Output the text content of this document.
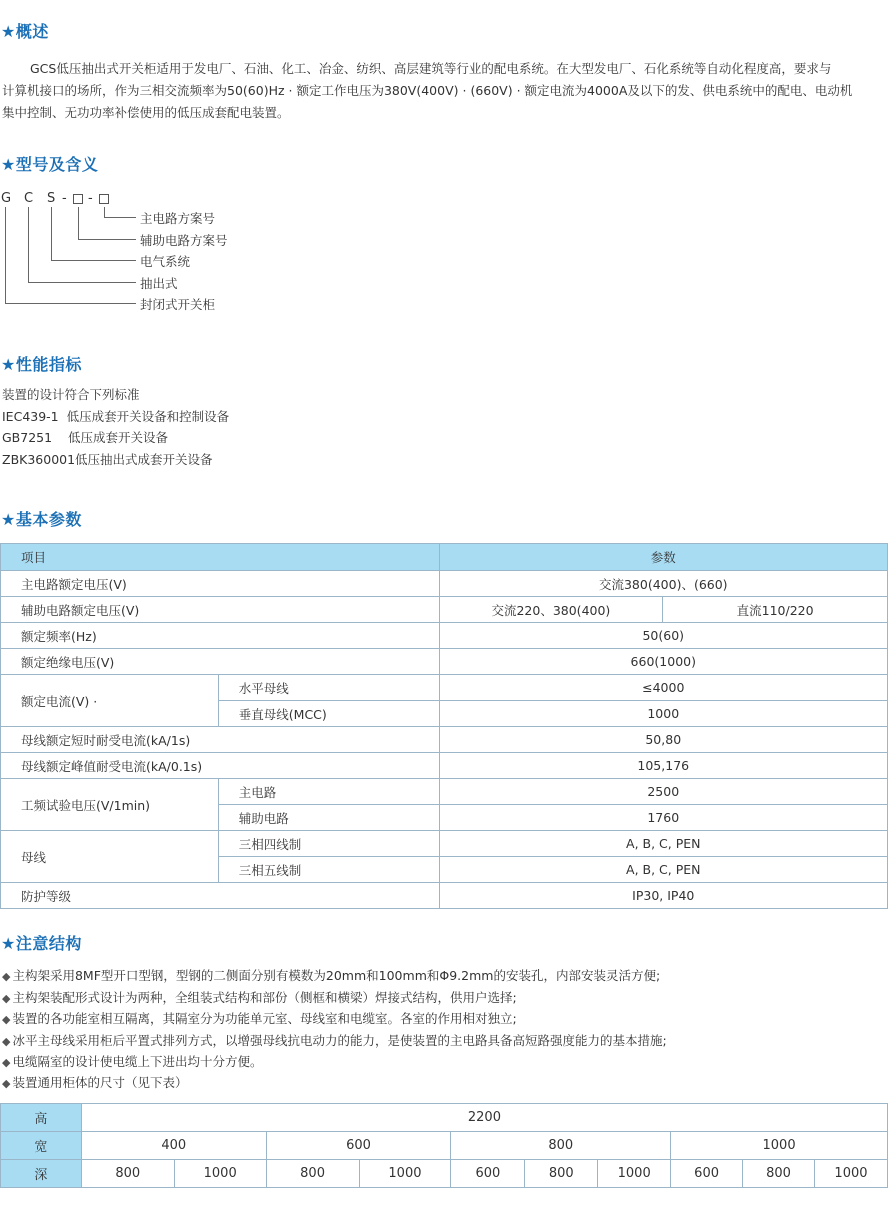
★概述
GCS低压抽出式开关柜适用于发电厂、石油、化工、冶金、纺织、高层建筑等行业的配电系统。在大型发电厂、石化系统等自动化程度高，要求与
计算机接口的场所，作为三相交流频率为50(60)Hz · 额定工作电压为380V(400V) · (660V) · 额定电流为4000A及以下的发、供电系统中的配电、电动机
集中控制、无功功率补偿使用的低压成套配电装置。
★型号及含义
G C S - -
主电路方案号
辅助电路方案号
电气系统
抽出式
封闭式开关柜
★性能指标
装置的设计符合下列标准
IEC439-1  低压成套开关设备和控制设备
GB7251    低压成套开关设备
ZBK360001低压抽出式成套开关设备
★基本参数
项目		参数	
主电路额定电压(V)		交流380(400)、(660)	
辅助电路额定电压(V)		交流220、380(400)	直流110/220
额定频率(Hz)		50(60)	
额定绝缘电压(V)		660(1000)	
额定电流(V) ·	水平母线	≤4000	
	垂直母线(MCC)	1000	
母线额定短时耐受电流(kA/1s)		50,80	
母线额定峰值耐受电流(kA/0.1s)		105,176	
工频试验电压(V/1min)	主电路	2500	
	辅助电路	1760	
母线	三相四线制	A, B, C, PEN	
	三相五线制	A, B, C, PEN	
防护等级		IP30, IP40	
★注意结构
◆ 主构架采用8MF型开口型钢，型钢的二侧面分别有模数为20mm和100mm和Φ9.2mm的安装孔，内部安装灵活方便;
◆ 主构架装配形式设计为两种，全组装式结构和部份（侧框和横梁）焊接式结构，供用户选择;
◆ 装置的各功能室相互隔离，其隔室分为功能单元室、母线室和电缆室。各室的作用相对独立;
◆ 冰平主母线采用柜后平置式排列方式，以增强母线抗电动力的能力，是使装置的主电路具备高短路强度能力的基本措施;
◆ 电缆隔室的设计使电缆上下进出均十分方便。
◆ 装置通用柜体的尺寸（见下表）
高	2200									
宽	400		600		800			1000		
深	800	1000	800	1000	600	800	1000	600	800	1000
